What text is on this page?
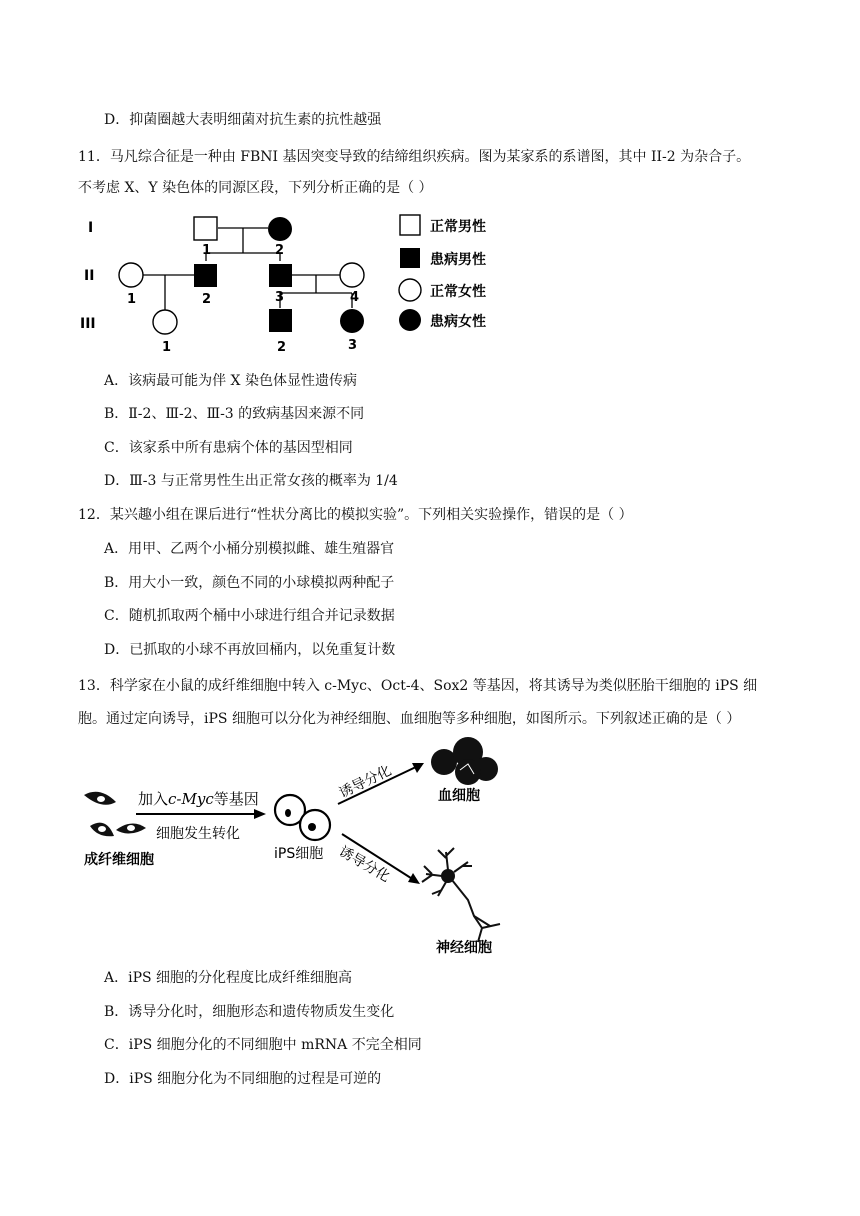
D．抑菌圈越大表明细菌对抗生素的抗性越强
11．马凡综合征是一种由 FBNI 基因突变导致的结缔组织疾病。图为某家系的系谱图，其中 II-2 为杂合子。
不考虑 X、Y 染色体的同源区段，下列分析正确的是（ ）
I
II
III
1	2
1	2	3	4
1	2	3
正常男性
患病男性
正常女性
患病女性
A．该病最可能为伴 X 染色体显性遗传病
B．Ⅱ-2、Ⅲ-2、Ⅲ-3 的致病基因来源不同
C．该家系中所有患病个体的基因型相同
D．Ⅲ-3 与正常男性生出正常女孩的概率为 1/4
12．某兴趣小组在课后进行“性状分离比的模拟实验”。下列相关实验操作，错误的是（ ）
A．用甲、乙两个小桶分别模拟雌、雄生殖器官
B．用大小一致，颜色不同的小球模拟两种配子
C．随机抓取两个桶中小球进行组合并记录数据
D．已抓取的小球不再放回桶内，以免重复计数
13．科学家在小鼠的成纤维细胞中转入 c-Myc、Oct-4、Sox2 等基因，将其诱导为类似胚胎干细胞的 iPS 细
胞。通过定向诱导，iPS 细胞可以分化为神经细胞、血细胞等多种细胞，如图所示。下列叙述正确的是（ ）
成纤维细胞
加入c-Myc等基因
细胞发生转化
iPS细胞
诱导分化	血细胞
诱导分化
神经细胞
A．iPS 细胞的分化程度比成纤维细胞高
B．诱导分化时，细胞形态和遗传物质发生变化
C．iPS 细胞分化的不同细胞中 mRNA 不完全相同
D．iPS 细胞分化为不同细胞的过程是可逆的
